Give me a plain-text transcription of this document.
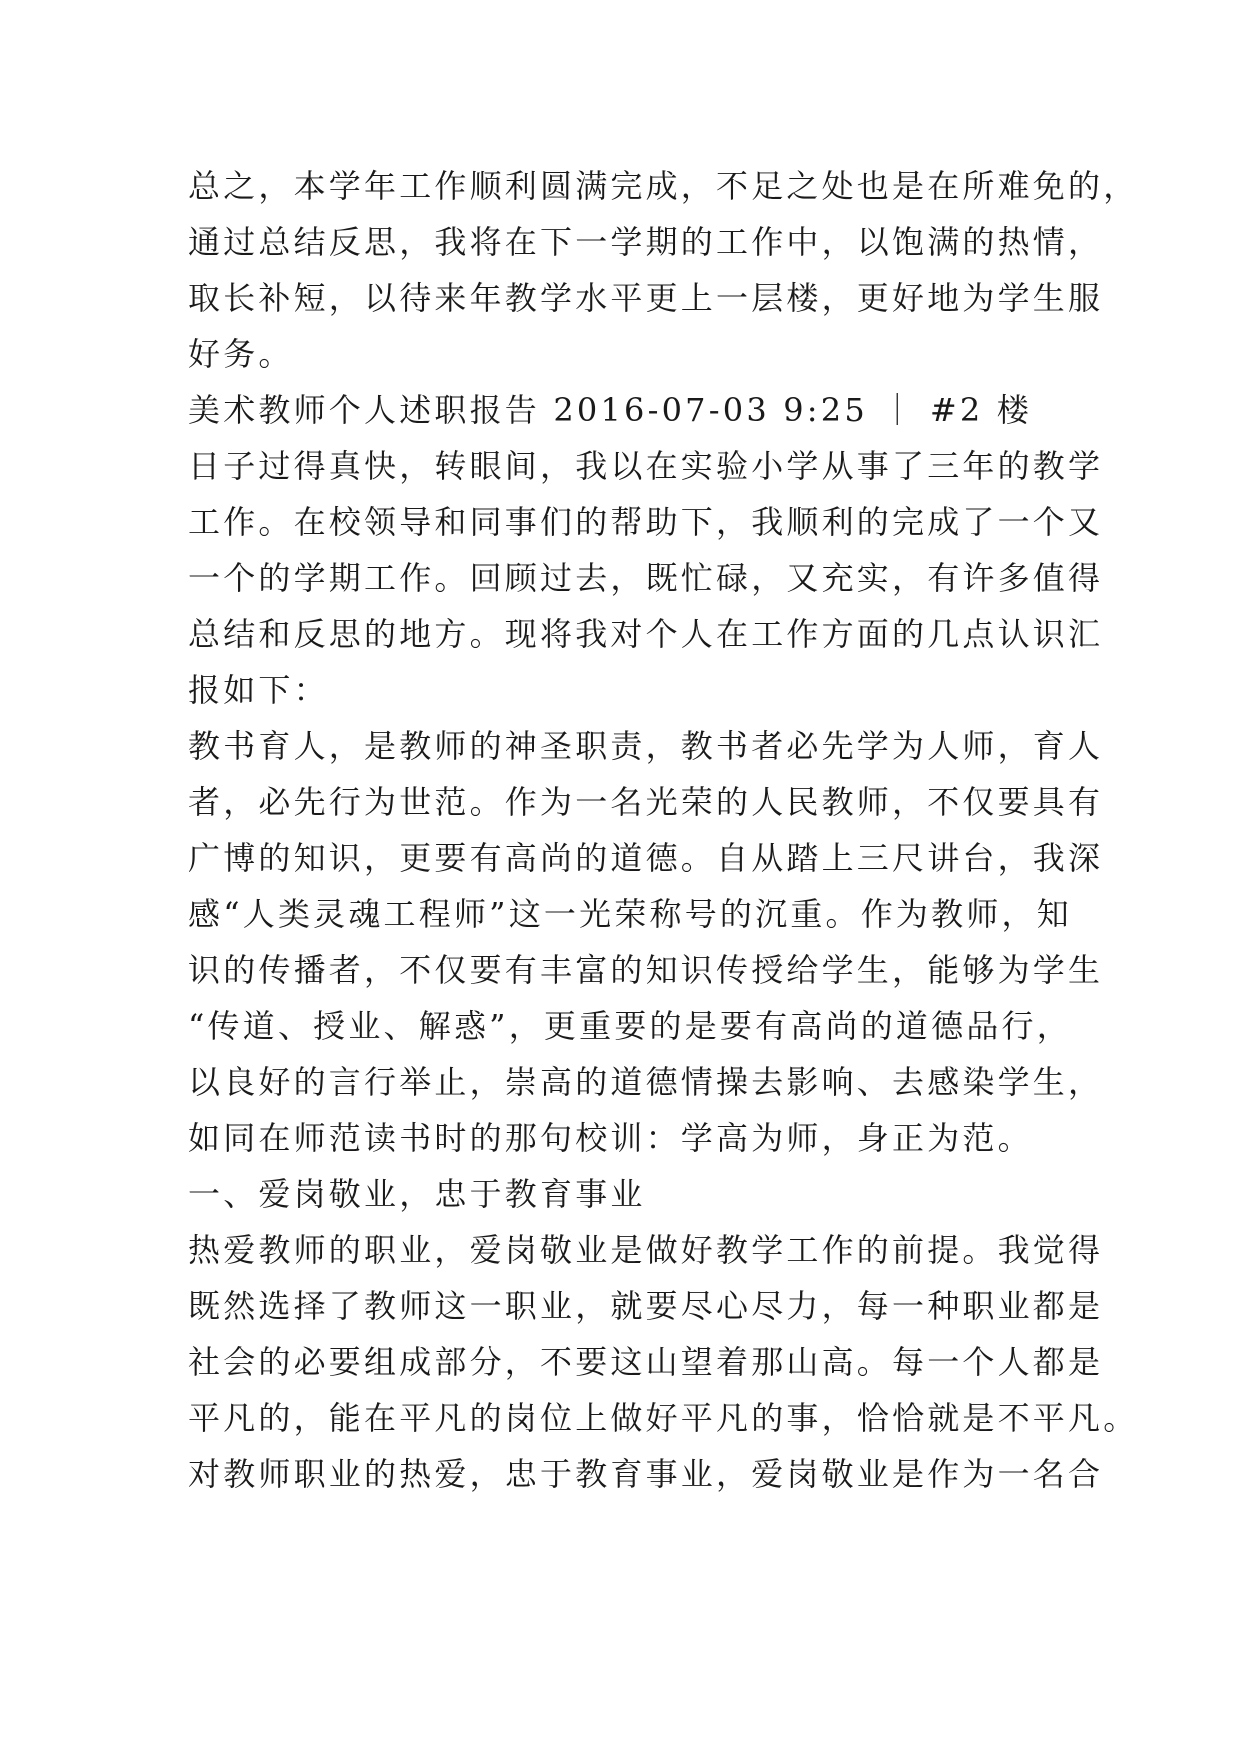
总之，本学年工作顺利圆满完成，不足之处也是在所难免的，
通过总结反思，我将在下一学期的工作中，以饱满的热情，
取长补短，以待来年教学水平更上一层楼，更好地为学生服
好务。
美术教师个人述职报告 2016-07-03 9:25 ｜ #2 楼
日子过得真快，转眼间，我以在实验小学从事了三年的教学
工作。在校领导和同事们的帮助下，我顺利的完成了一个又
一个的学期工作。回顾过去，既忙碌，又充实，有许多值得
总结和反思的地方。现将我对个人在工作方面的几点认识汇
报如下：
教书育人，是教师的神圣职责，教书者必先学为人师，育人
者，必先行为世范。作为一名光荣的人民教师，不仅要具有
广博的知识，更要有高尚的道德。自从踏上三尺讲台，我深
感“人类灵魂工程师”这一光荣称号的沉重。作为教师，知
识的传播者，不仅要有丰富的知识传授给学生，能够为学生
“传道、授业、解惑”，更重要的是要有高尚的道德品行，
以良好的言行举止，崇高的道德情操去影响、去感染学生，
如同在师范读书时的那句校训：学高为师，身正为范。
一、爱岗敬业，忠于教育事业
热爱教师的职业，爱岗敬业是做好教学工作的前提。我觉得
既然选择了教师这一职业，就要尽心尽力，每一种职业都是
社会的必要组成部分，不要这山望着那山高。每一个人都是
平凡的，能在平凡的岗位上做好平凡的事，恰恰就是不平凡。
对教师职业的热爱，忠于教育事业，爱岗敬业是作为一名合
